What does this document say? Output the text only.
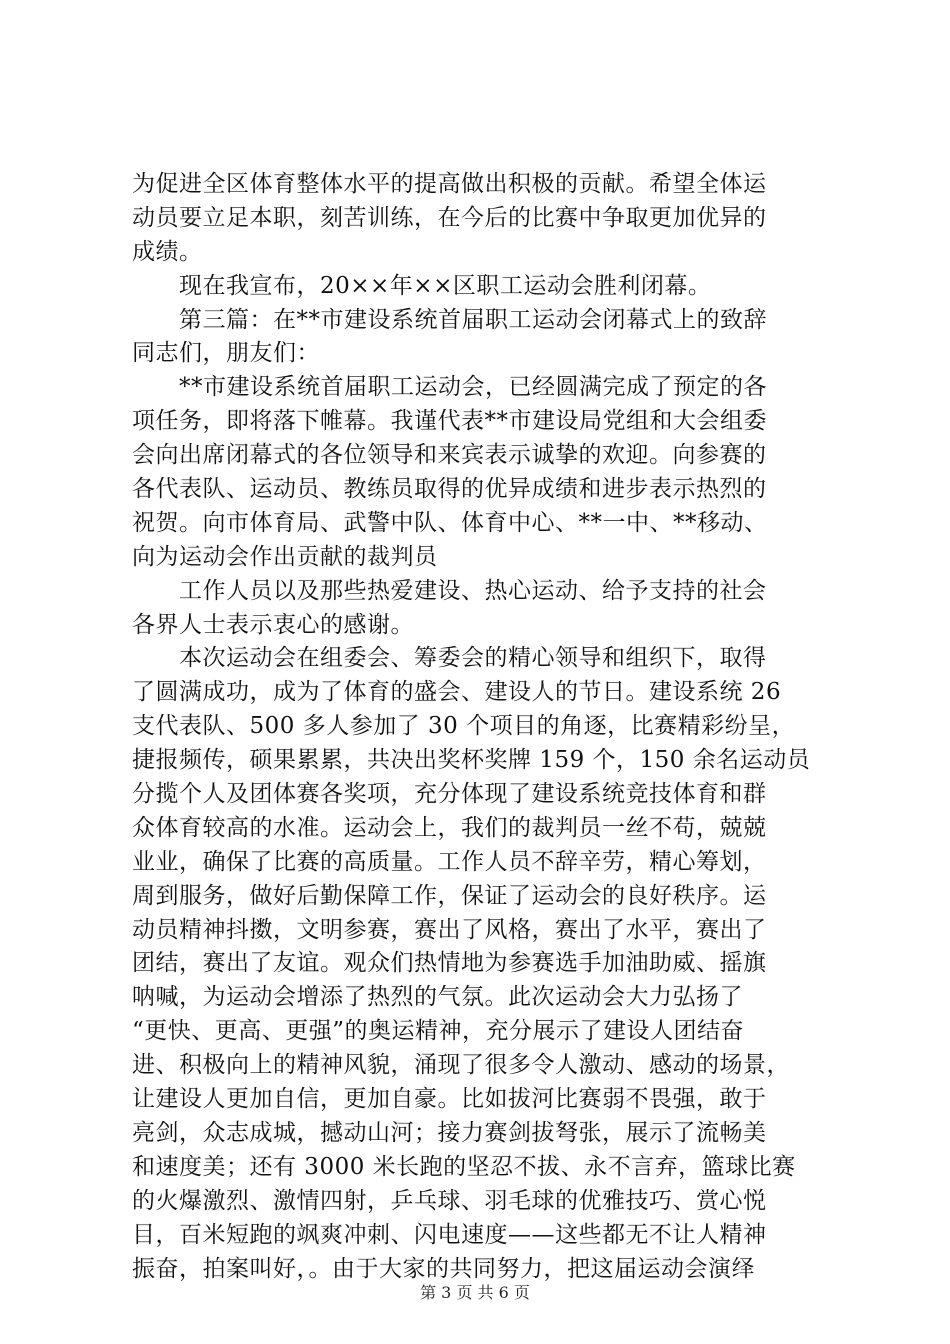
为促进全区体育整体水平的提高做出积极的贡献。希望全体运
动员要立足本职，刻苦训练，在今后的比赛中争取更加优异的
成绩。
　　现在我宣布，20××年××区职工运动会胜利闭幕。
　　第三篇：在**市建设系统首届职工运动会闭幕式上的致辞
同志们，朋友们：
　　**市建设系统首届职工运动会，已经圆满完成了预定的各
项任务，即将落下帷幕。我谨代表**市建设局党组和大会组委
会向出席闭幕式的各位领导和来宾表示诚挚的欢迎。向参赛的
各代表队、运动员、教练员取得的优异成绩和进步表示热烈的
祝贺。向市体育局、武警中队、体育中心、**一中、**移动、
向为运动会作出贡献的裁判员
　　工作人员以及那些热爱建设、热心运动、给予支持的社会
各界人士表示衷心的感谢。
　　本次运动会在组委会、筹委会的精心领导和组织下，取得
了圆满成功，成为了体育的盛会、建设人的节日。建设系统 26
支代表队、500 多人参加了 30 个项目的角逐，比赛精彩纷呈，
捷报频传，硕果累累，共决出奖杯奖牌 159 个，150 余名运动员
分揽个人及团体赛各奖项，充分体现了建设系统竞技体育和群
众体育较高的水准。运动会上，我们的裁判员一丝不苟，兢兢
业业，确保了比赛的高质量。工作人员不辞辛劳，精心筹划，
周到服务，做好后勤保障工作，保证了运动会的良好秩序。运
动员精神抖擞，文明参赛，赛出了风格，赛出了水平，赛出了
团结，赛出了友谊。观众们热情地为参赛选手加油助威、摇旗
呐喊，为运动会增添了热烈的气氛。此次运动会大力弘扬了
“更快、更高、更强”的奥运精神，充分展示了建设人团结奋
进、积极向上的精神风貌，涌现了很多令人激动、感动的场景，
让建设人更加自信，更加自豪。比如拔河比赛弱不畏强，敢于
亮剑，众志成城，撼动山河；接力赛剑拔弩张，展示了流畅美
和速度美；还有 3000 米长跑的坚忍不拔、永不言弃，篮球比赛
的火爆激烈、激情四射，乒乓球、羽毛球的优雅技巧、赏心悦
目，百米短跑的飒爽冲刺、闪电速度——这些都无不让人精神
振奋，拍案叫好，。由于大家的共同努力，把这届运动会演绎
第 3 页 共 6 页
